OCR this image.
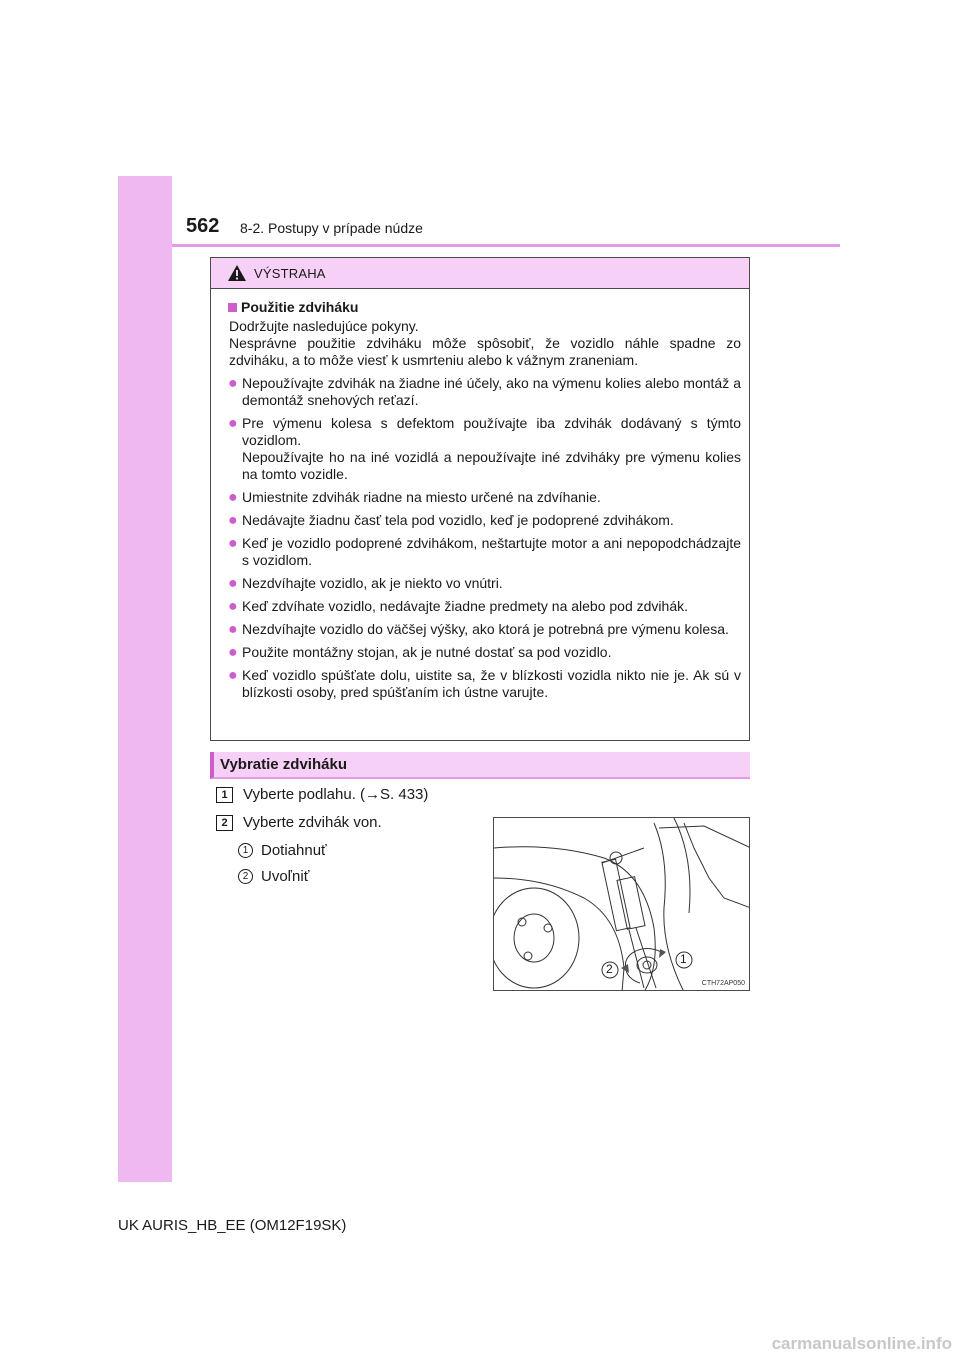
562 8-2. Postupy v prípade núdze
VÝSTRAHA
Použitie zdviháku
Dodržujte nasledujúce pokyny.
Nesprávne použitie zdviháku môže spôsobiť, že vozidlo náhle spadne zo zdviháku, a to môže viesť k usmrteniu alebo k vážnym zraneniam.
● Nepoužívajte zdvihák na žiadne iné účely, ako na výmenu kolies alebo montáž a demontáž snehových reťazí.
● Pre výmenu kolesa s defektom používajte iba zdvihák dodávaný s týmto vozidlom.
Nepoužívajte ho na iné vozidlá a nepoužívajte iné zdviháky pre výmenu kolies na tomto vozidle.
● Umiestnite zdvihák riadne na miesto určené na zdvíhanie.
● Nedávajte žiadnu časť tela pod vozidlo, keď je podoprené zdvihákom.
● Keď je vozidlo podoprené zdvihákom, neštartujte motor a ani nepopodchádzajte s vozidlom.
● Nezdvíhajte vozidlo, ak je niekto vo vnútri.
● Keď zdvíhate vozidlo, nedávajte žiadne predmety na alebo pod zdvihák.
● Nezdvíhajte vozidlo do väčšej výšky, ako ktorá je potrebná pre výmenu kolesa.
● Použite montážny stojan, ak je nutné dostať sa pod vozidlo.
● Keď vozidlo spúšťate dolu, uistite sa, že v blízkosti vozidla nikto nie je. Ak sú v blízkosti osoby, pred spúšťaním ich ústne varujte.
Vybratie zdviháku
1	Vyberte podlahu. (→S. 433)
2	Vyberte zdvihák von.
1 Dotiahnuť
2 Uvoľniť
1
2
CTH72AP050
UK AURIS_HB_EE (OM12F19SK)
carmanualsonline.info
